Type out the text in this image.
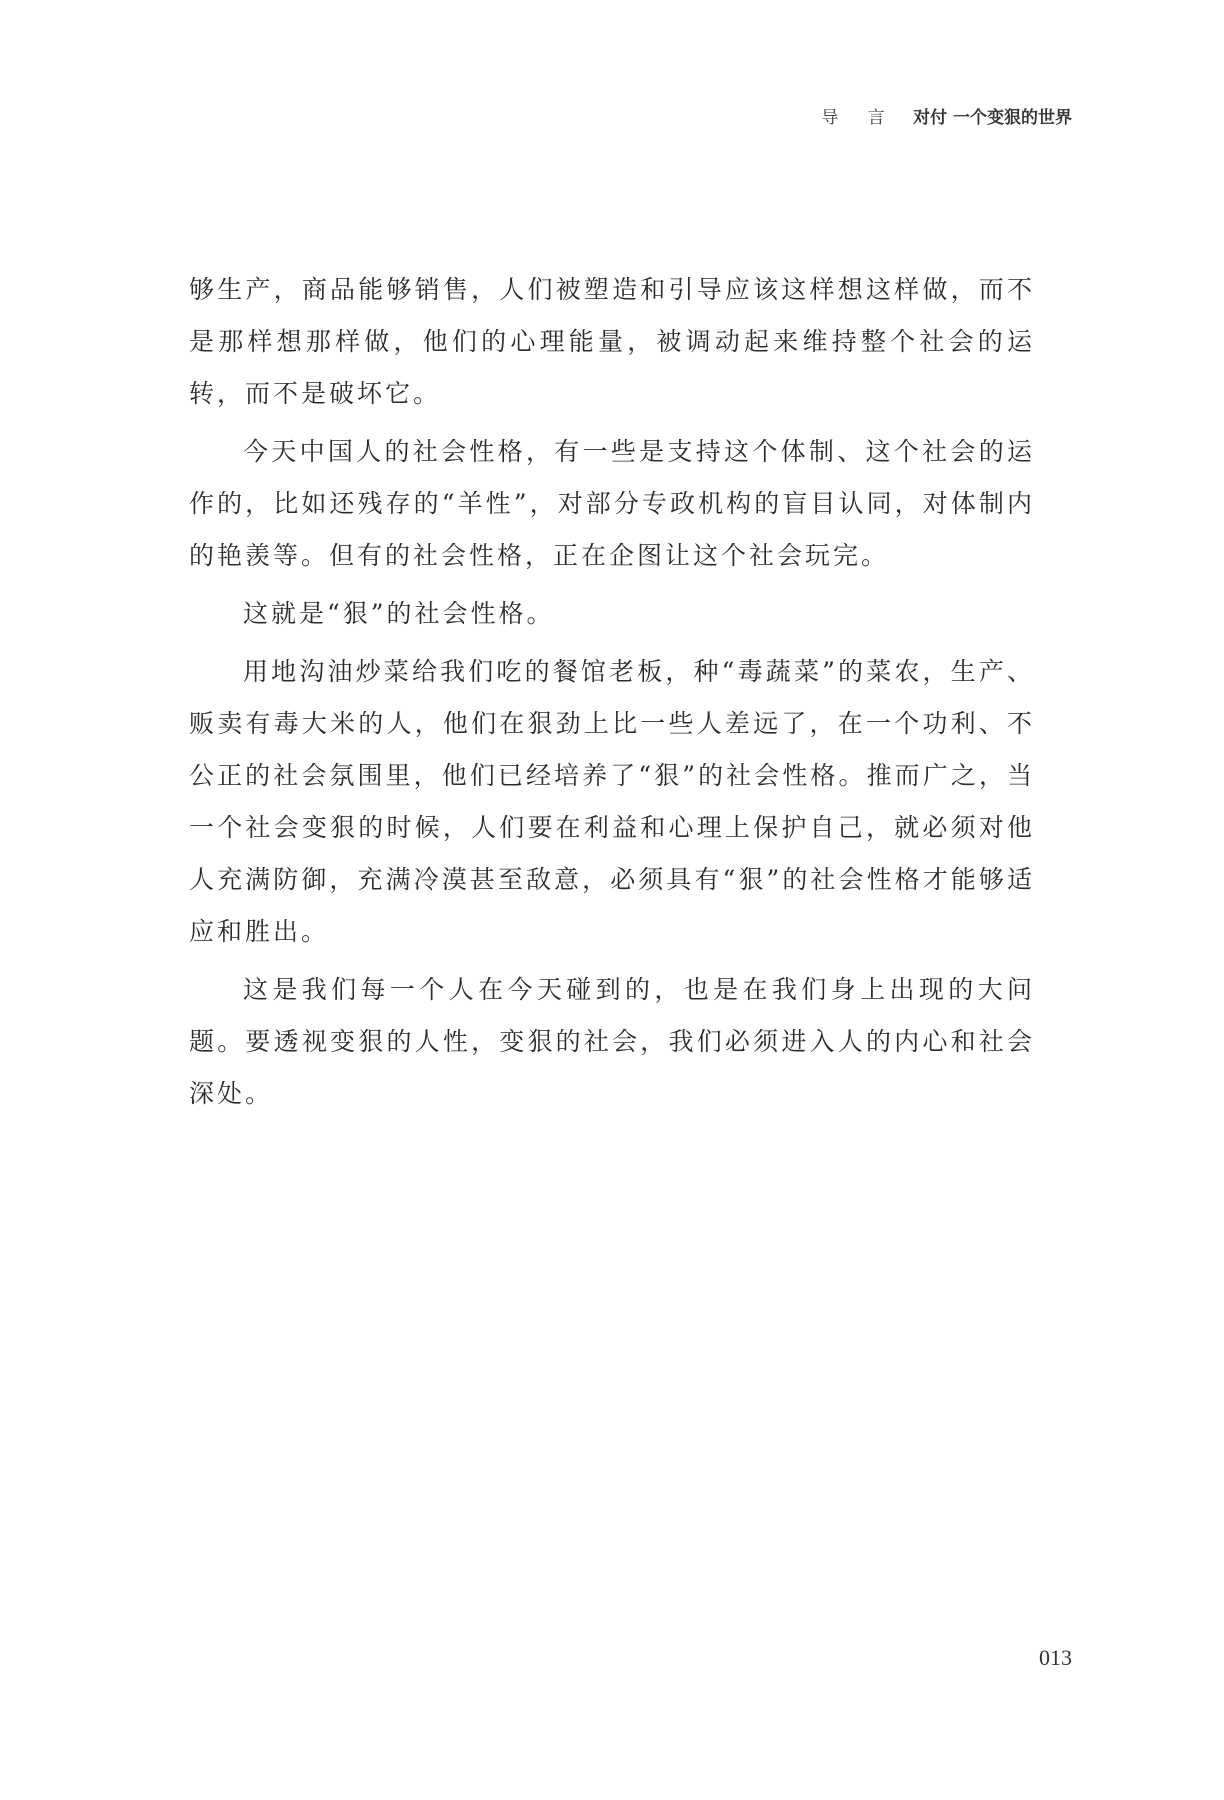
导 言 对付 一个变狠的世界

够生产，商品能够销售，人们被塑造和引导应该这样想这样做，而不是那样想那样做，他们的心理能量，被调动起来维持整个社会的运转，而不是破坏它。

今天中国人的社会性格，有一些是支持这个体制、这个社会的运作的，比如还残存的“羊性”，对部分专政机构的盲目认同，对体制内的艳羡等。但有的社会性格，正在企图让这个社会玩完。

这就是“狠”的社会性格。

用地沟油炒菜给我们吃的餐馆老板，种“毒蔬菜”的菜农，生产、贩卖有毒大米的人，他们在狠劲上比一些人差远了，在一个功利、不公正的社会氛围里，他们已经培养了“狠”的社会性格。推而广之，当一个社会变狠的时候，人们要在利益和心理上保护自己，就必须对他人充满防御，充满冷漠甚至敌意，必须具有“狠”的社会性格才能够适应和胜出。

这是我们每一个人在今天碰到的，也是在我们身上出现的大问题。要透视变狠的人性，变狠的社会，我们必须进入人的内心和社会深处。

013
